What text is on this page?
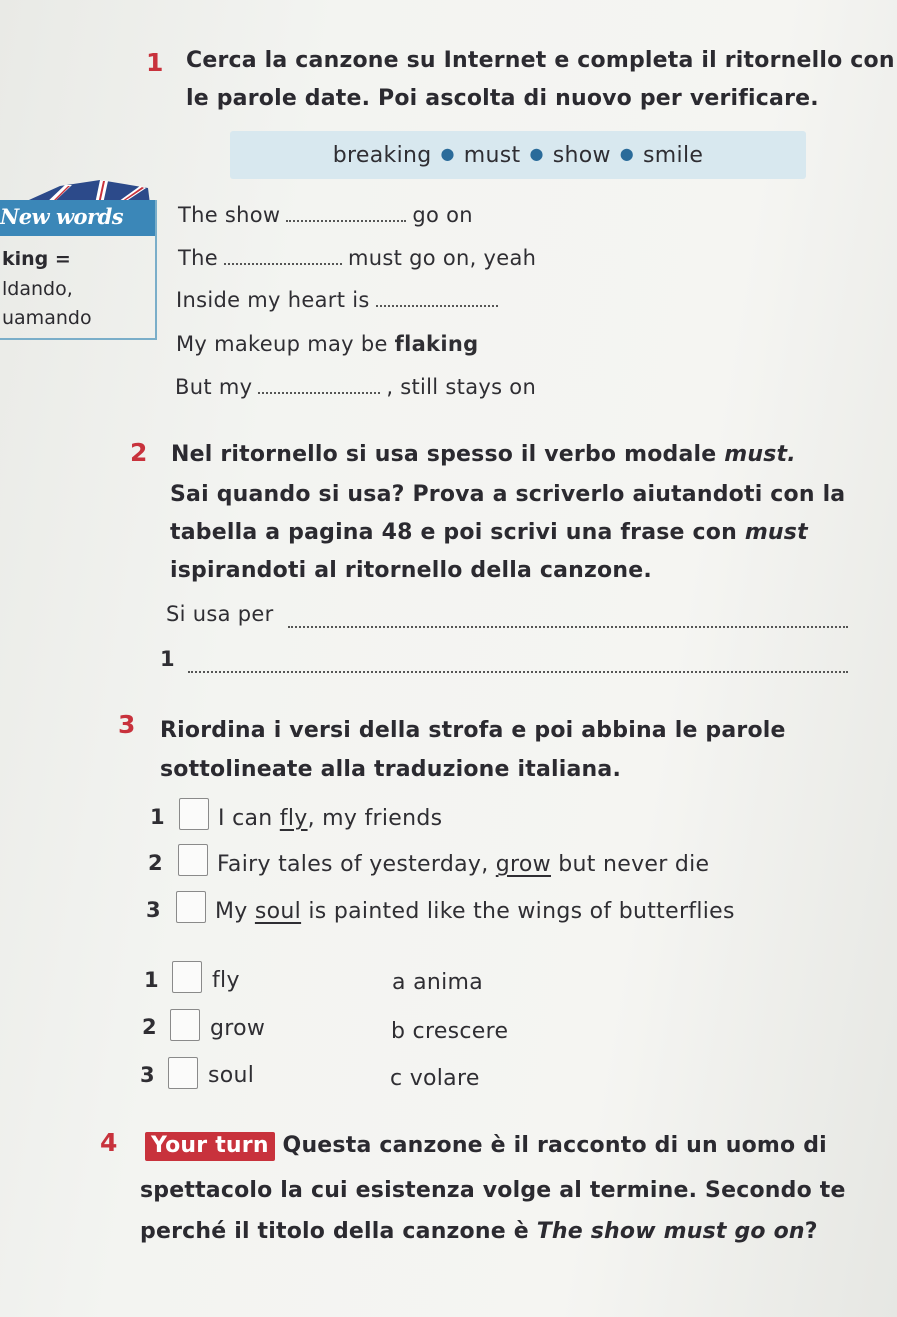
1 Cerca la canzone su Internet e completa il ritornello con
le parole date. Poi ascolta di nuovo per verificare.
breaking ● must ● show ● smile
New words
king =
ldando,
uamando
The show	go on
The	must go on, yeah
Inside my heart is
My makeup may be flaking
But my	, still stays on
2 Nel ritornello si usa spesso il verbo modale must.
Sai quando si usa? Prova a scriverlo aiutandoti con la
tabella a pagina 48 e poi scrivi una frase con must
ispirandoti al ritornello della canzone.
Si usa per
1
3 Riordina i versi della strofa e poi abbina le parole
sottolineate alla traduzione italiana.
1 I can fly, my friends
2 Fairy tales of yesterday, grow but never die
3 My soul is painted like the wings of butterflies
1 fly	a anima
2 grow	b crescere
3 soul	c volare
4 Your turn Questa canzone è il racconto di un uomo di
spettacolo la cui esistenza volge al termine. Secondo te
perché il titolo della canzone è The show must go on?
